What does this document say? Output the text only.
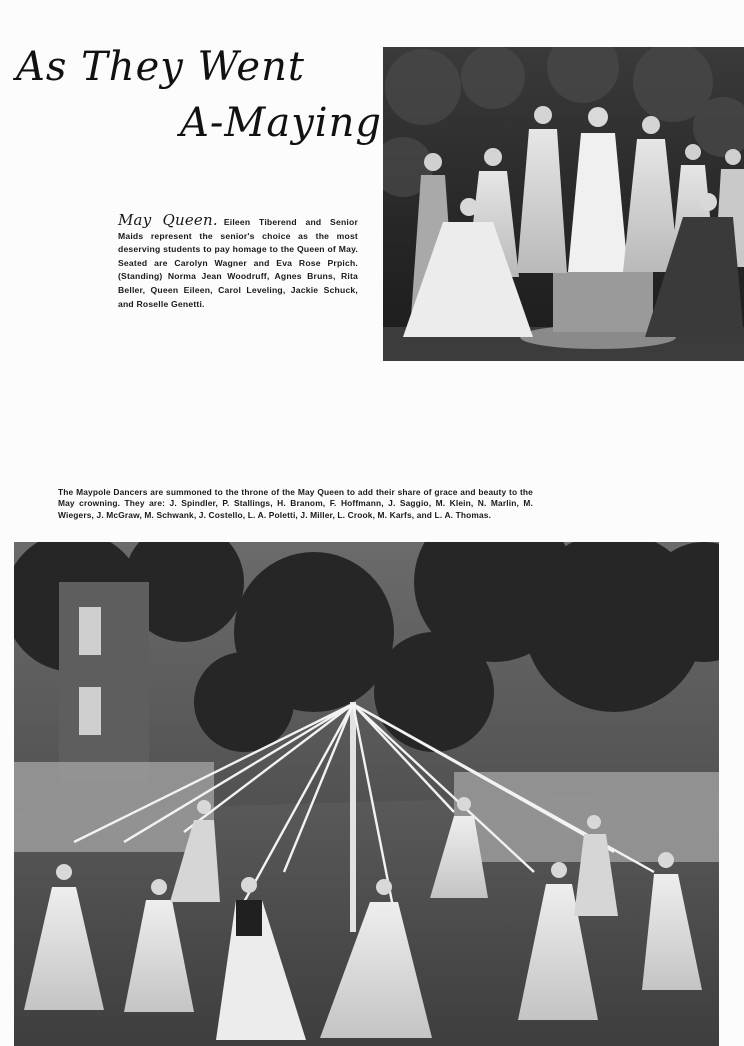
As They Went
A-Maying
May Queen. Eileen Tiberend and Senior Maids represent the senior's choice as the most deserving students to pay homage to the Queen of May. Seated are Carolyn Wagner and Eva Rose Prpich. (Standing) Norma Jean Woodruff, Agnes Bruns, Rita Beller, Queen Eileen, Carol Leveling, Jackie Schuck, and Roselle Genetti.
The Maypole Dancers are summoned to the throne of the May Queen to add their share of grace and beauty to the May crowning. They are: J. Spindler, P. Stallings, H. Branom, F. Hoffmann, J. Saggio, M. Klein, N. Marlin, M. Wiegers, J. McGraw, M. Schwank, J. Costello, L. A. Poletti, J. Miller, L. Crook, M. Karfs, and L. A. Thomas.
